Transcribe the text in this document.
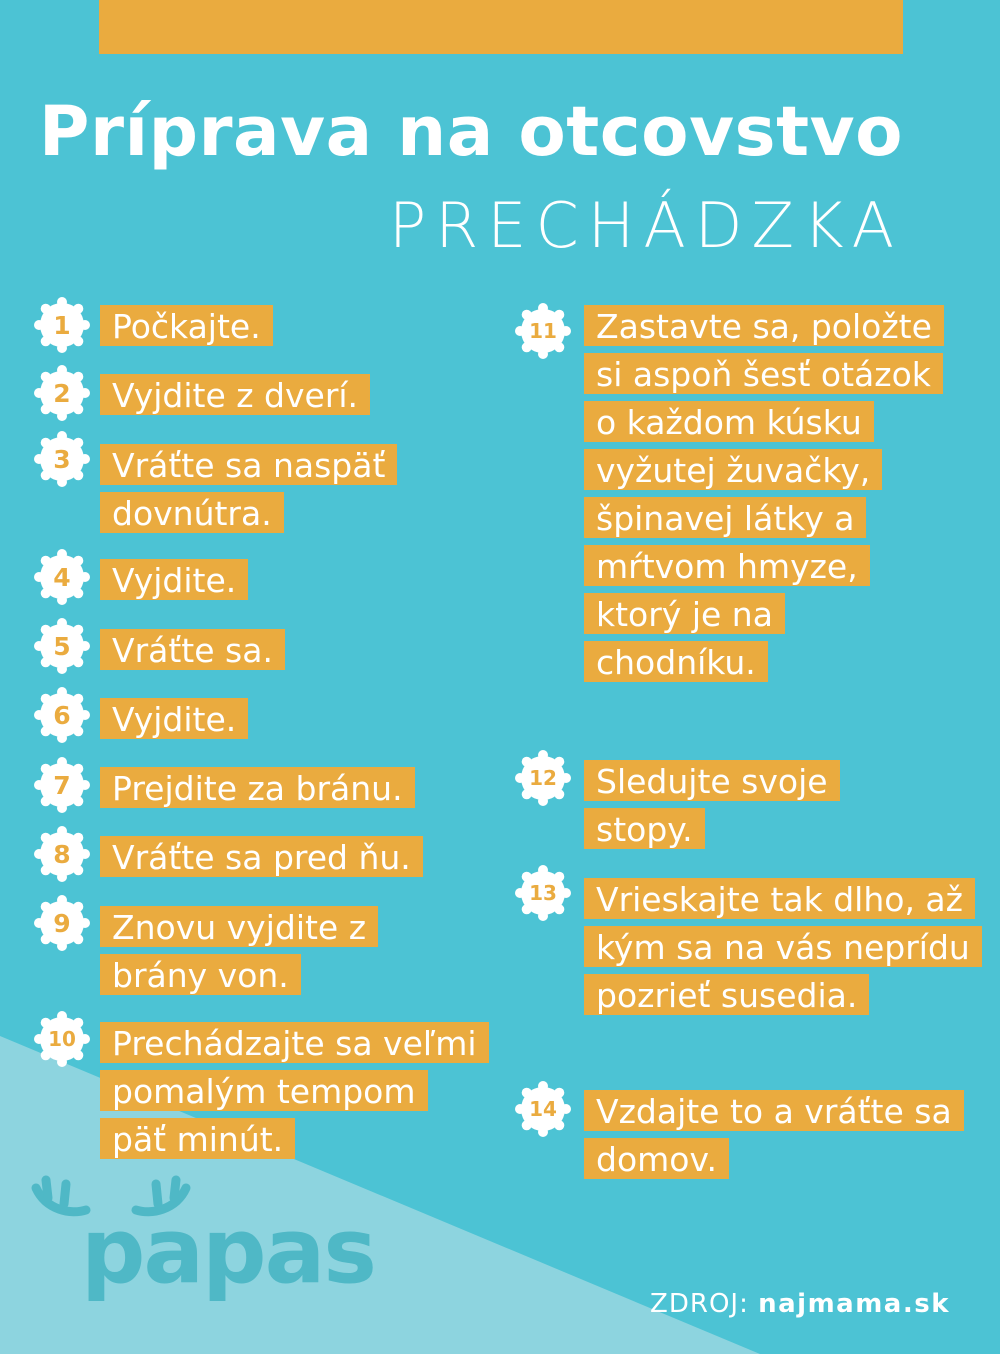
Príprava na otcovstvo
PRECHÁDZKA
1
2
3
4
5
6
7
8
9
10
11
12
13
14
Počkajte.
Vyjdite z dverí.
Vráťte sa naspäť dovnútra.
Vyjdite.
Vráťte sa.
Vyjdite.
Prejdite za bránu.
Vráťte sa pred ňu.
Znovu vyjdite z brány von.
Prechádzajte sa veľmi pomalým tempom päť minút.
Zastavte sa, položte si aspoň šesť otázok o každom kúsku vyžutej žuvačky, špinavej látky a mŕtvom hmyze, ktorý je na chodníku.
Sledujte svoje stopy.
Vrieskajte tak dlho, až kým sa na vás neprídu pozrieť susedia.
Vzdajte to a vráťte sa domov.
papas	ZDROJ: najmama.sk
